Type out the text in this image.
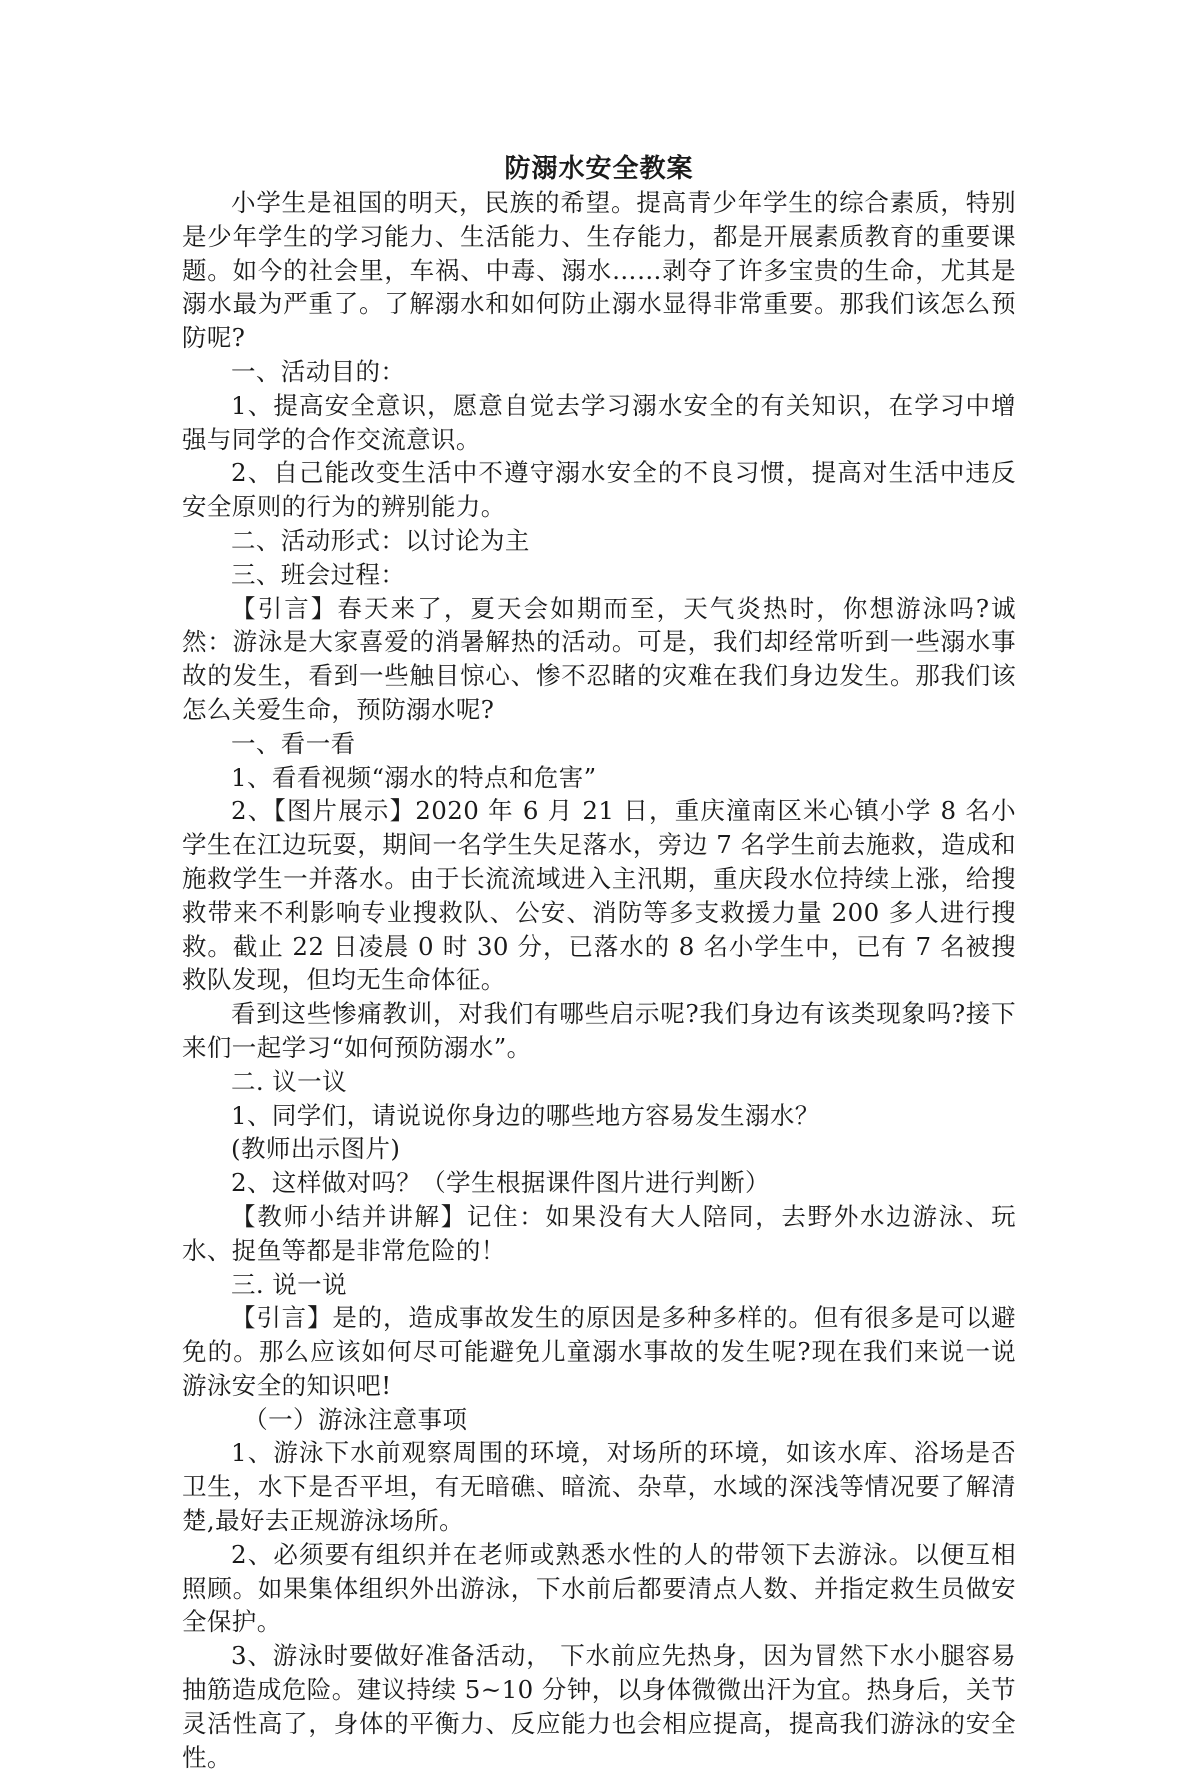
防溺水安全教案

小学生是祖国的明天，民族的希望。提高青少年学生的综合素质，特别是少年学生的学习能力、生活能力、生存能力，都是开展素质教育的重要课题。如今的社会里，车祸、中毒、溺水……剥夺了许多宝贵的生命，尤其是溺水最为严重了。了解溺水和如何防止溺水显得非常重要。那我们该怎么预防呢?

一、活动目的：

1、提高安全意识，愿意自觉去学习溺水安全的有关知识，在学习中增强与同学的合作交流意识。

2、自己能改变生活中不遵守溺水安全的不良习惯，提高对生活中违反安全原则的行为的辨别能力。

二、活动形式：以讨论为主

三、班会过程：

【引言】春天来了，夏天会如期而至，天气炎热时，你想游泳吗?诚然：游泳是大家喜爱的消暑解热的活动。可是，我们却经常听到一些溺水事故的发生，看到一些触目惊心、惨不忍睹的灾难在我们身边发生。那我们该怎么关爱生命，预防溺水呢?

一、看一看

1、看看视频“溺水的特点和危害”

2、【图片展示】2020 年 6 月 21 日，重庆潼南区米心镇小学 8 名小学生在江边玩耍，期间一名学生失足落水，旁边 7 名学生前去施救，造成和施救学生一并落水。由于长流流域进入主汛期，重庆段水位持续上涨，给搜救带来不利影响专业搜救队、公安、消防等多支救援力量 200 多人进行搜救。截止 22 日凌晨 0 时 30 分，已落水的 8 名小学生中，已有 7 名被搜救队发现，但均无生命体征。

看到这些惨痛教训，对我们有哪些启示呢?我们身边有该类现象吗?接下来们一起学习“如何预防溺水”。

二. 议一议

1、同学们，请说说你身边的哪些地方容易发生溺水？

(教师出示图片)

2、这样做对吗？（学生根据课件图片进行判断）

【教师小结并讲解】记住：如果没有大人陪同，去野外水边游泳、玩水、捉鱼等都是非常危险的！

三. 说一说

【引言】是的，造成事故发生的原因是多种多样的。但有很多是可以避免的。那么应该如何尽可能避免儿童溺水事故的发生呢?现在我们来说一说游泳安全的知识吧!

（一）游泳注意事项

1、游泳下水前观察周围的环境，对场所的环境，如该水库、浴场是否卫生，水下是否平坦，有无暗礁、暗流、杂草，水域的深浅等情况要了解清楚,最好去正规游泳场所。

2、必须要有组织并在老师或熟悉水性的人的带领下去游泳。以便互相照顾。如果集体组织外出游泳，下水前后都要清点人数、并指定救生员做安全保护。

3、游泳时要做好准备活动， 下水前应先热身，因为冒然下水小腿容易抽筋造成危险。建议持续 5~10 分钟，以身体微微出汗为宜。热身后，关节灵活性高了，身体的平衡力、反应能力也会相应提高，提高我们游泳的安全性。
